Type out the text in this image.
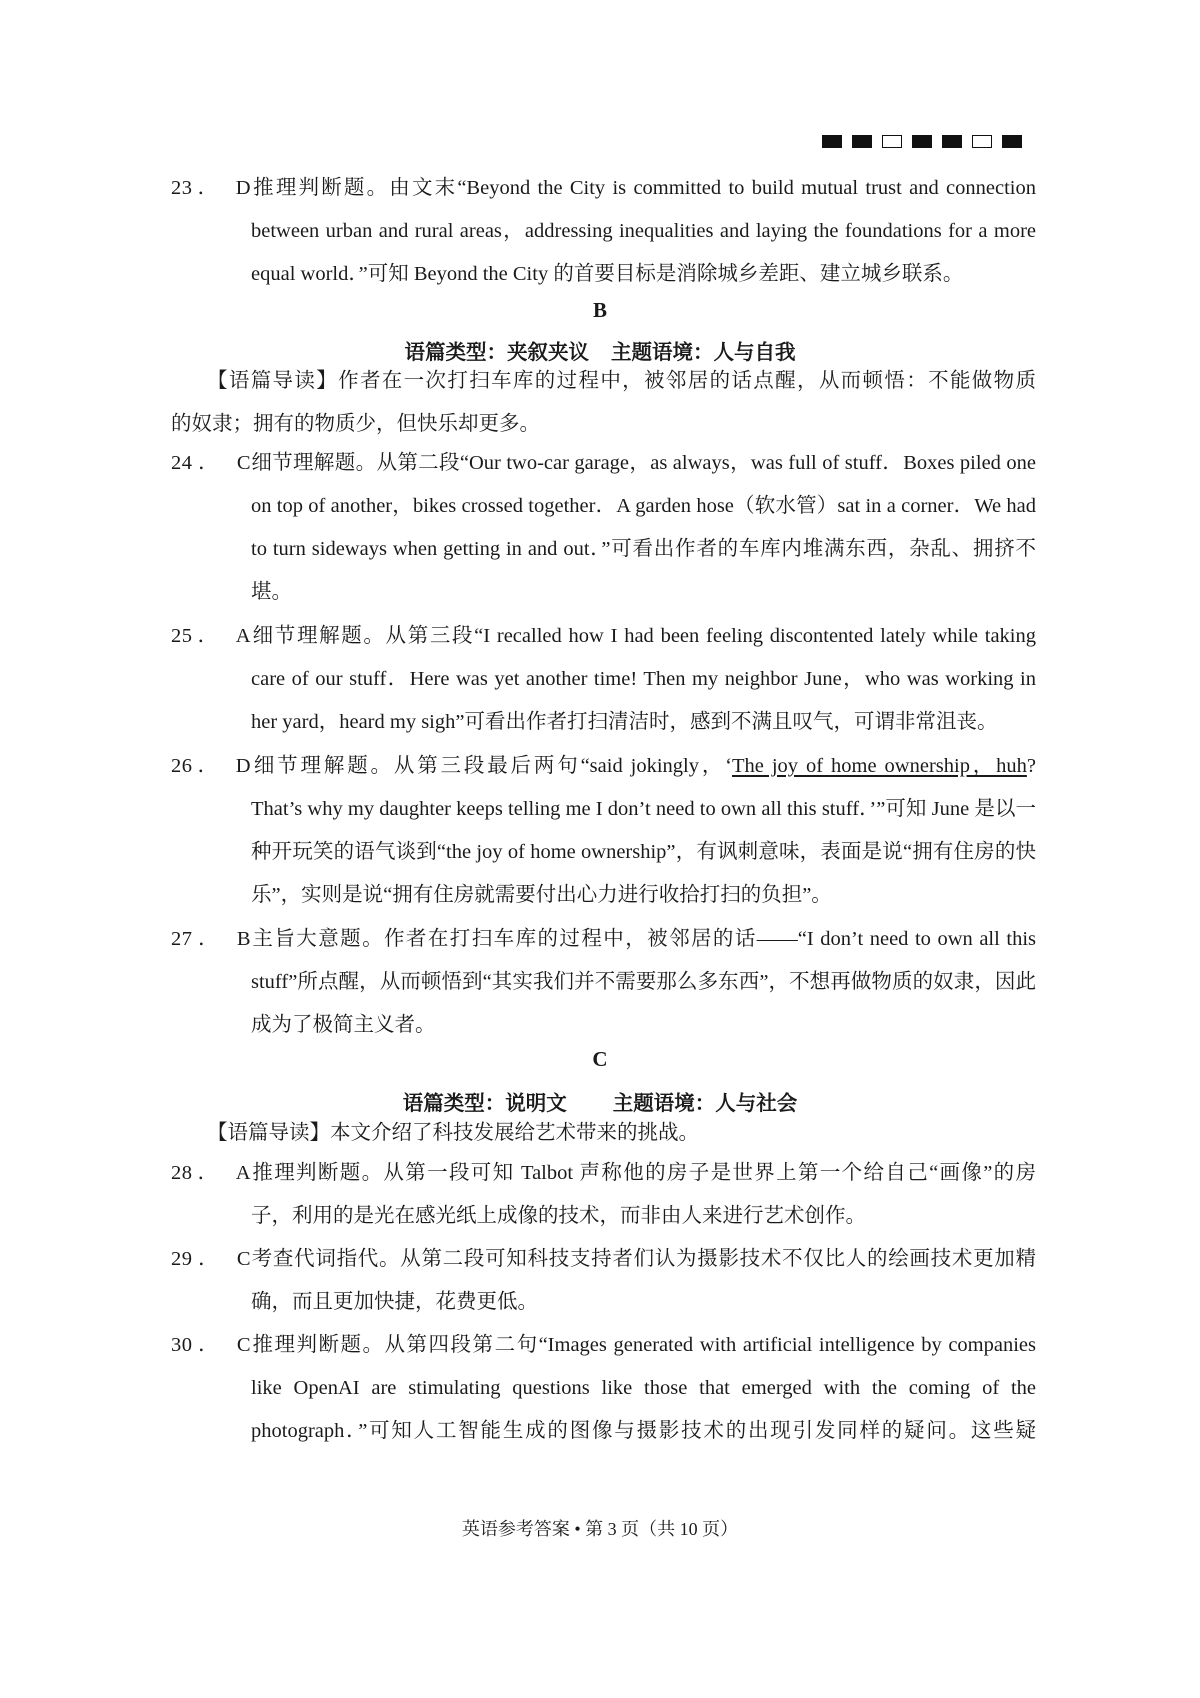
23． D推理判断题。由文末“Beyond the City is committed to build mutual trust and connection
between urban and rural areas，addressing inequalities and laying the foundations for a more equal world．”可知 Beyond the City 的首要目标是消除城乡差距、建立城乡联系。
B
语篇类型：夹叙夹议 主题语境：人与自我
【语篇导读】作者在一次打扫车库的过程中，被邻居的话点醒，从而顿悟：不能做物质
的奴隶；拥有的物质少，但快乐却更多。
24． C细节理解题。从第二段“Our two-car garage，as always，was full of stuff．Boxes piled one
on top of another，bikes crossed together．A garden hose（软水管）sat in a corner．We had to turn sideways when getting in and out．”可看出作者的车库内堆满东西，杂乱、拥挤不堪。
25． A细节理解题。从第三段“I recalled how I had been feeling discontented lately while taking
care of our stuff．Here was yet another time! Then my neighbor June，who was working in her yard，heard my sigh”可看出作者打扫清洁时，感到不满且叹气，可谓非常沮丧。
26． D细节理解题。从第三段最后两句“said jokingly，‘The joy of home ownership，huh?
That’s why my daughter keeps telling me I don’t need to own all this stuff．’”可知 June 是以一种开玩笑的语气谈到“the joy of home ownership”，有讽刺意味，表面是说“拥有住房的快乐”，实则是说“拥有住房就需要付出心力进行收拾打扫的负担”。
27． B主旨大意题。作者在打扫车库的过程中，被邻居的话——“I don’t need to own all this
stuff”所点醒，从而顿悟到“其实我们并不需要那么多东西”，不想再做物质的奴隶，因此成为了极简主义者。
C
语篇类型：说明文 主题语境：人与社会
【语篇导读】本文介绍了科技发展给艺术带来的挑战。
28． A推理判断题。从第一段可知 Talbot 声称他的房子是世界上第一个给自己“画像”的房
子，利用的是光在感光纸上成像的技术，而非由人来进行艺术创作。
29． C考查代词指代。从第二段可知科技支持者们认为摄影技术不仅比人的绘画技术更加精
确，而且更加快捷，花费更低。
30． C推理判断题。从第四段第二句“Images generated with artificial intelligence by companies
like OpenAI are stimulating questions like those that emerged with the coming of the photograph．”可知人工智能生成的图像与摄影技术的出现引发同样的疑问。这些疑
英语参考答案 • 第 3 页（共 10 页）
